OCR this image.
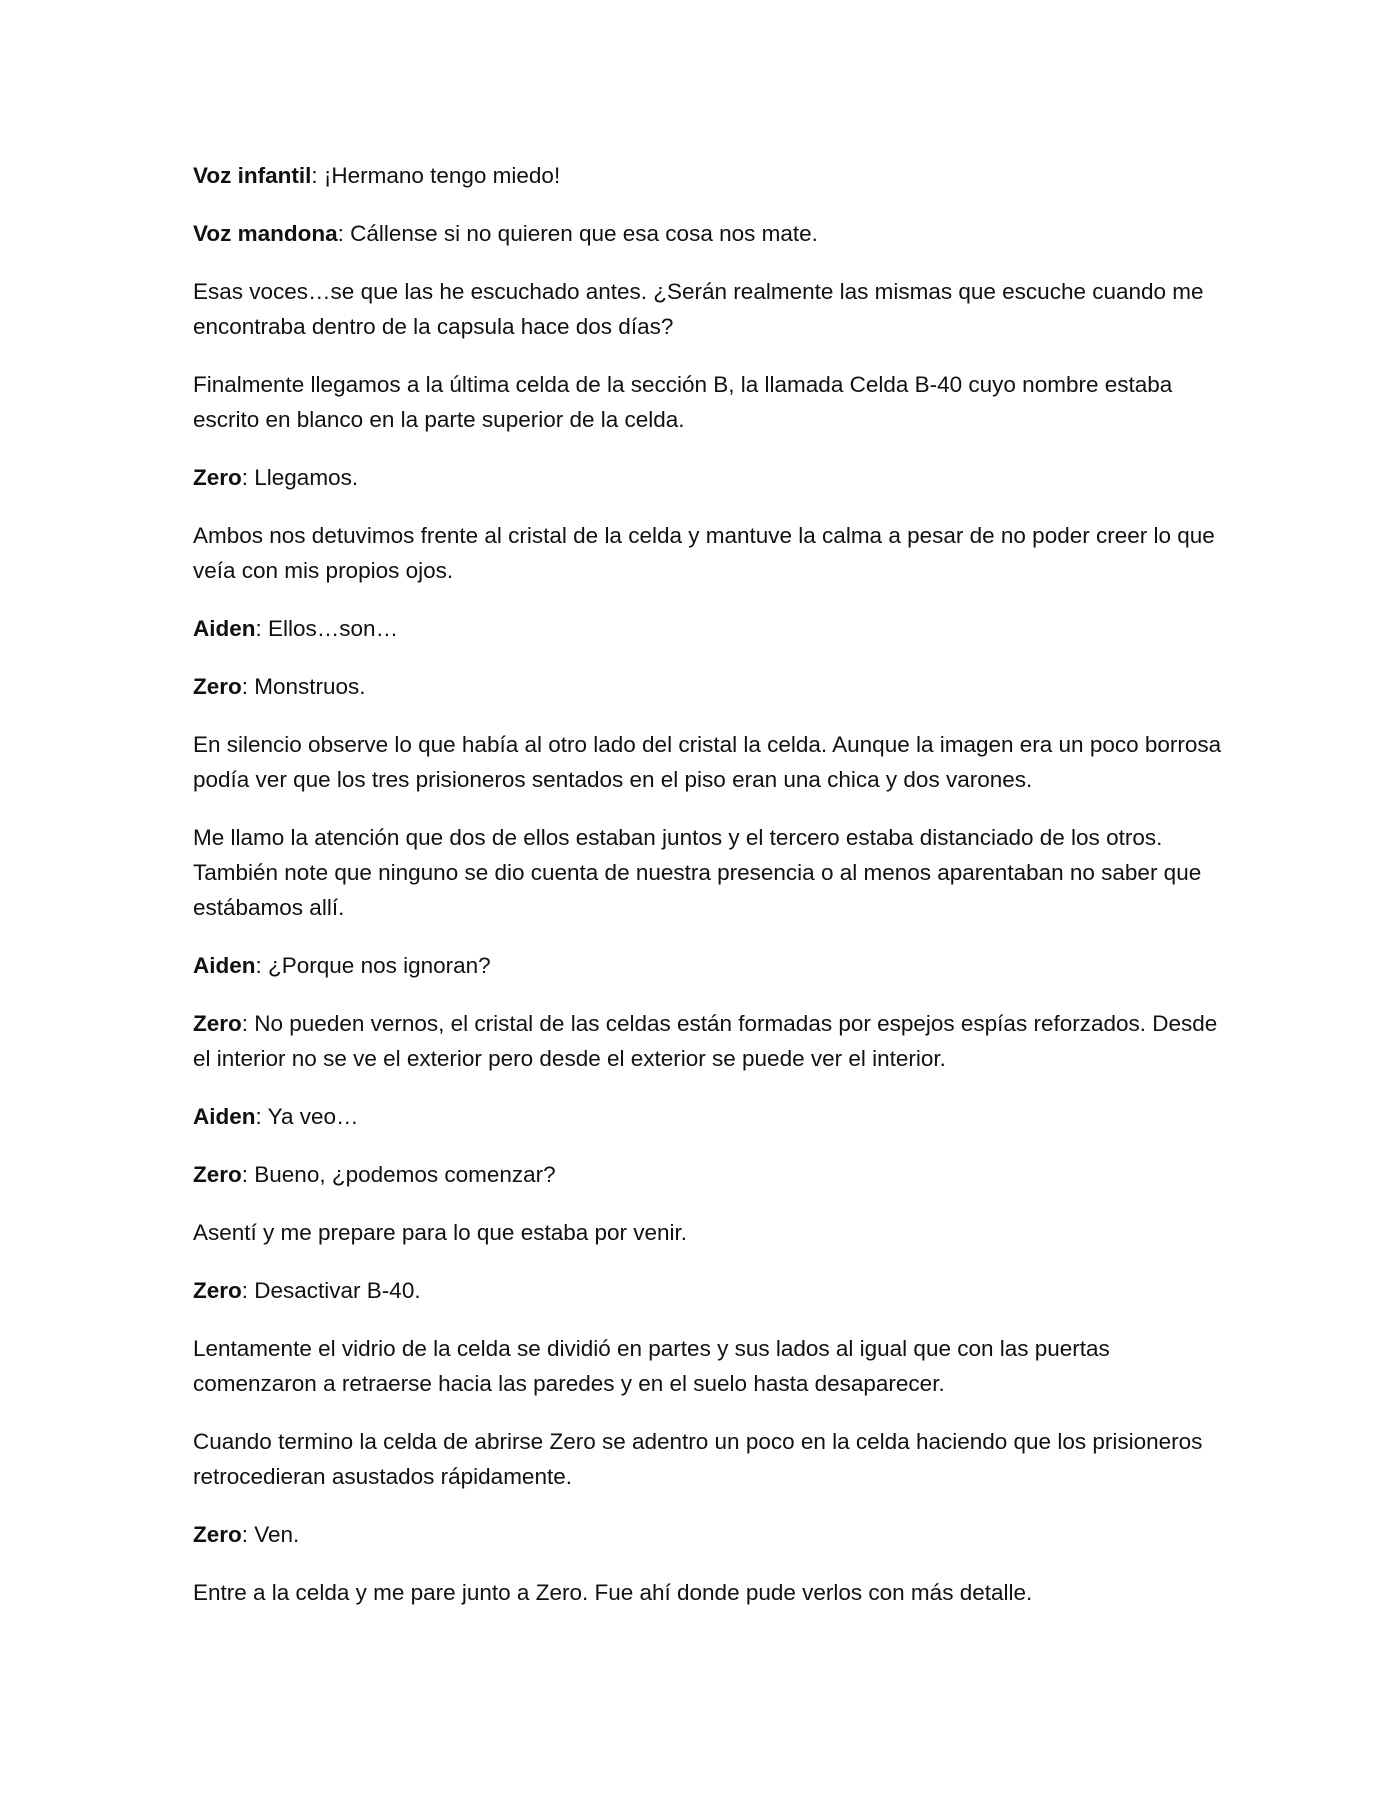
Voz infantil: ¡Hermano tengo miedo!

Voz mandona: Cállense si no quieren que esa cosa nos mate.

Esas voces…se que las he escuchado antes. ¿Serán realmente las mismas que escuche cuando me encontraba dentro de la capsula hace dos días?

Finalmente llegamos a la última celda de la sección B, la llamada Celda B-40 cuyo nombre estaba escrito en blanco en la parte superior de la celda.

Zero: Llegamos.

Ambos nos detuvimos frente al cristal de la celda y mantuve la calma a pesar de no poder creer lo que veía con mis propios ojos.

Aiden: Ellos…son…

Zero: Monstruos.

En silencio observe lo que había al otro lado del cristal la celda. Aunque la imagen era un poco borrosa podía ver que los tres prisioneros sentados en el piso eran una chica y dos varones.

Me llamo la atención que dos de ellos estaban juntos y el tercero estaba distanciado de los otros. También note que ninguno se dio cuenta de nuestra presencia o al menos aparentaban no saber que estábamos allí.

Aiden: ¿Porque nos ignoran?

Zero: No pueden vernos, el cristal de las celdas están formadas por espejos espías reforzados. Desde el interior no se ve el exterior pero desde el exterior se puede ver el interior.

Aiden: Ya veo…

Zero: Bueno, ¿podemos comenzar?

Asentí y me prepare para lo que estaba por venir.

Zero: Desactivar B-40.

Lentamente el vidrio de la celda se dividió en partes y sus lados al igual que con las puertas comenzaron a retraerse hacia las paredes y en el suelo hasta desaparecer.

Cuando termino la celda de abrirse Zero se adentro un poco en la celda haciendo que los prisioneros retrocedieran asustados rápidamente.

Zero: Ven.

Entre a la celda y me pare junto a Zero. Fue ahí donde pude verlos con más detalle.
